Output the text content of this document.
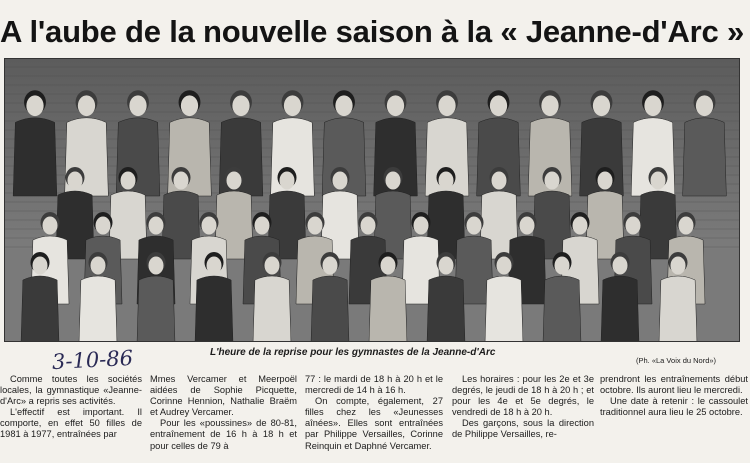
A l'aube de la nouvelle saison à la « Jeanne-d'Arc »
3-10-86	L'heure de la reprise pour les gymnastes de la Jeanne-d'Arc
(Ph. «La Voix du Nord»)

Comme toutes les sociétés locales, la gymnastique «Jeanne-d'Arc» a repris ses activités.

L'effectif est important. Il comporte, en effet 50 filles de 1981 à 1977, entraînées par

Mmes Vercamer et Meerpoël aidées de Sophie Picquette, Corinne Hennion, Nathalie Braëm et Audrey Vercamer.

Pour les «poussines» de 80-81, entraînement de 16 h à 18 h et pour celles de 79 à

77 : le mardi de 18 h à 20 h et le mercredi de 14 h à 16 h.

On compte, également, 27 filles chez les «Jeunesses aînées». Elles sont entraînées par Philippe Versailles, Corinne Reinquin et Daphné Vercamer.

Les horaires : pour les 2e et 3e degrés, le jeudi de 18 h à 20 h ; et pour les 4e et 5e degrés, le vendredi de 18 h à 20 h.

Des garçons, sous la direction de Philippe Versailles, re-

prendront les entraînements début octobre. Ils auront lieu le mercredi.

Une date à retenir : le cassoulet traditionnel aura lieu le 25 octobre.
